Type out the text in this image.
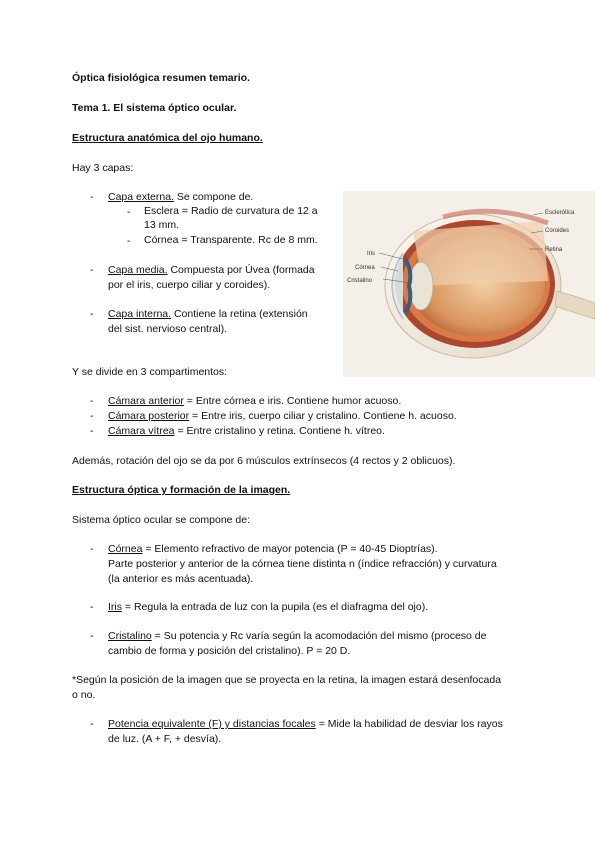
Óptica fisiológica resumen temario.
Tema 1. El sistema óptico ocular.
Estructura anatómica del ojo humano.
Hay 3 capas:
- Capa externa. Se compone de.
- Esclera = Radio de curvatura de 12 a
13 mm.
- Córnea = Transparente. Rc de 8 mm.
- Capa media. Compuesta por Úvea (formada
por el iris, cuerpo ciliar y coroides).
- Capa interna. Contiene la retina (extensión
del sist. nervioso central).
Esclerótica
Coroides
Retina
Iris
Córnea
Cristalino
Y se divide en 3 compartimentos:
- Cámara anterior = Entre córnea e iris. Contiene humor acuoso.
- Cámara posterior = Entre iris, cuerpo ciliar y cristalino. Contiene h. acuoso.
- Cámara vítrea = Entre cristalino y retina. Contiene h. vítreo.
Además, rotación del ojo se da por 6 músculos extrínsecos (4 rectos y 2 oblicuos).
Estructura óptica y formación de la imagen.
Sistema óptico ocular se compone de:
- Córnea = Elemento refractivo de mayor potencia (P = 40-45 Dioptrías).
Parte posterior y anterior de la córnea tiene distinta n (índice refracción) y curvatura
(la anterior es más acentuada).
- Iris = Regula la entrada de luz con la pupila (es el diafragma del ojo).
- Cristalino = Su potencia y Rc varía según la acomodación del mismo (proceso de
cambio de forma y posición del cristalino). P = 20 D.
*Según la posición de la imagen que se proyecta en la retina, la imagen estará desenfocada
o no.
- Potencia equivalente (F) y distancias focales = Mide la habilidad de desviar los rayos
de luz. (A + F, + desvía).
